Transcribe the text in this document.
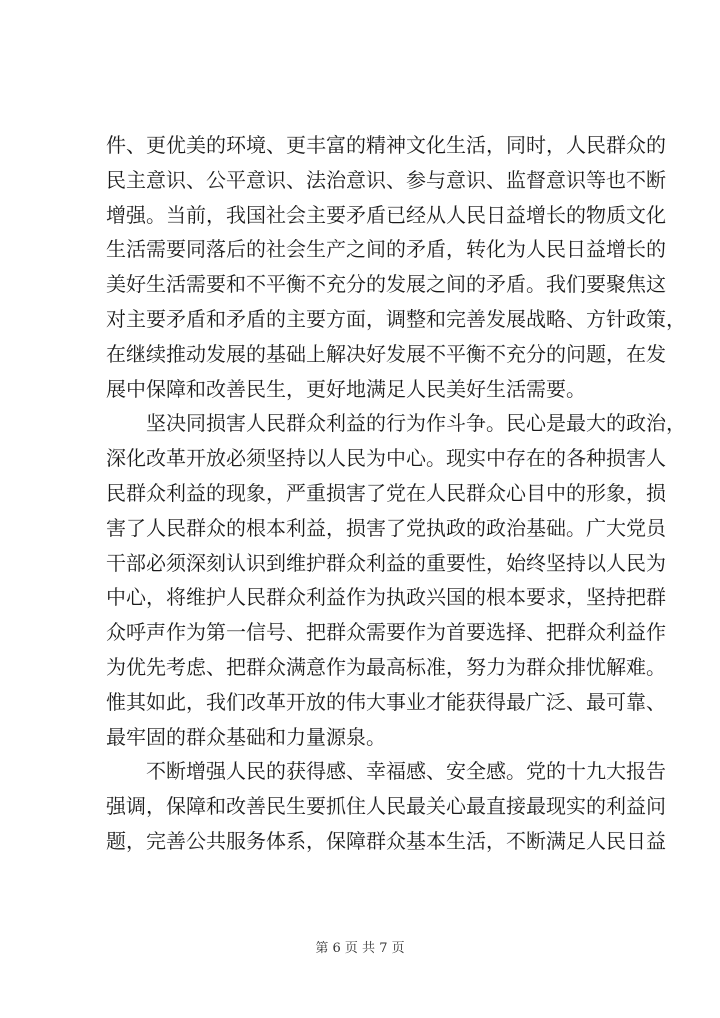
件、更优美的环境、更丰富的精神文化生活，同时，人民群众的
民主意识、公平意识、法治意识、参与意识、监督意识等也不断
增强。当前，我国社会主要矛盾已经从人民日益增长的物质文化
生活需要同落后的社会生产之间的矛盾，转化为人民日益增长的
美好生活需要和不平衡不充分的发展之间的矛盾。我们要聚焦这
对主要矛盾和矛盾的主要方面，调整和完善发展战略、方针政策，
在继续推动发展的基础上解决好发展不平衡不充分的问题，在发
展中保障和改善民生，更好地满足人民美好生活需要。
　　坚决同损害人民群众利益的行为作斗争。民心是最大的政治，
深化改革开放必须坚持以人民为中心。现实中存在的各种损害人
民群众利益的现象，严重损害了党在人民群众心目中的形象，损
害了人民群众的根本利益，损害了党执政的政治基础。广大党员
干部必须深刻认识到维护群众利益的重要性，始终坚持以人民为
中心，将维护人民群众利益作为执政兴国的根本要求，坚持把群
众呼声作为第一信号、把群众需要作为首要选择、把群众利益作
为优先考虑、把群众满意作为最高标准，努力为群众排忧解难。
惟其如此，我们改革开放的伟大事业才能获得最广泛、最可靠、
最牢固的群众基础和力量源泉。
　　不断增强人民的获得感、幸福感、安全感。党的十九大报告
强调，保障和改善民生要抓住人民最关心最直接最现实的利益问
题，完善公共服务体系，保障群众基本生活，不断满足人民日益
第 6 页 共 7 页
